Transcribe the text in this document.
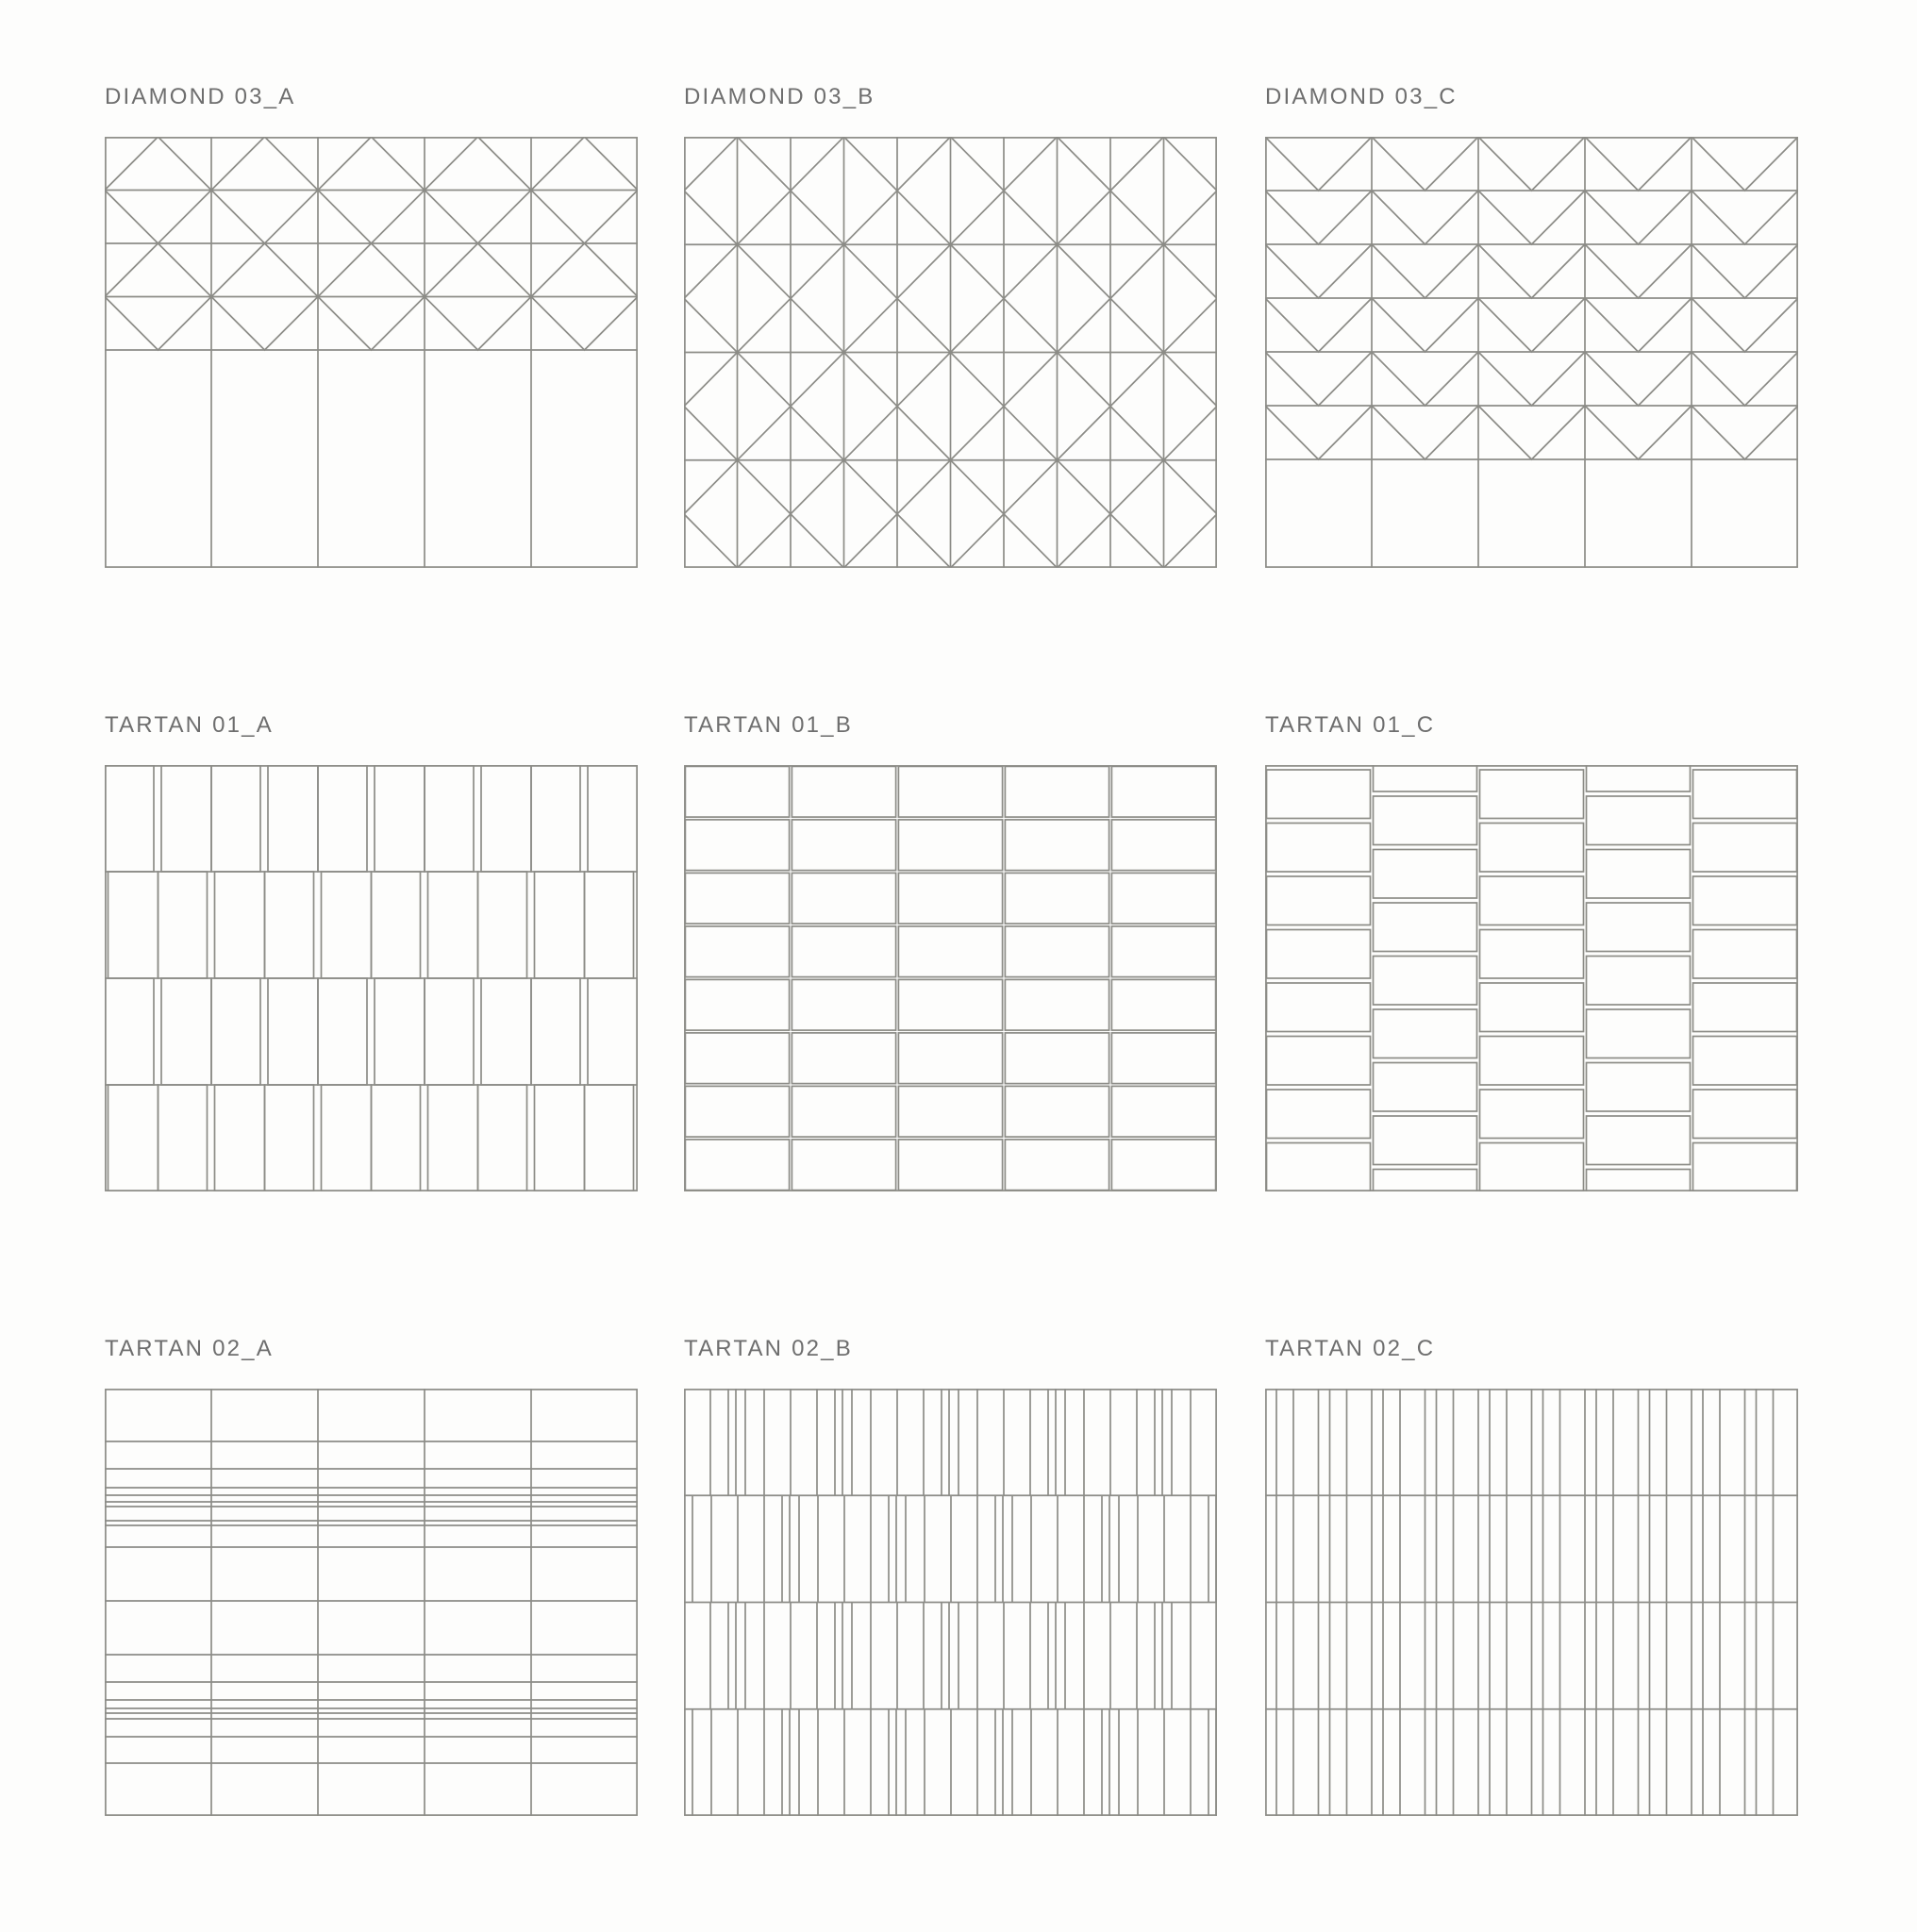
DIAMOND 03_A	DIAMOND 03_B	DIAMOND 03_C
TARTAN 01_A	TARTAN 01_B	TARTAN 01_C
TARTAN 02_A	TARTAN 02_B	TARTAN 02_C
